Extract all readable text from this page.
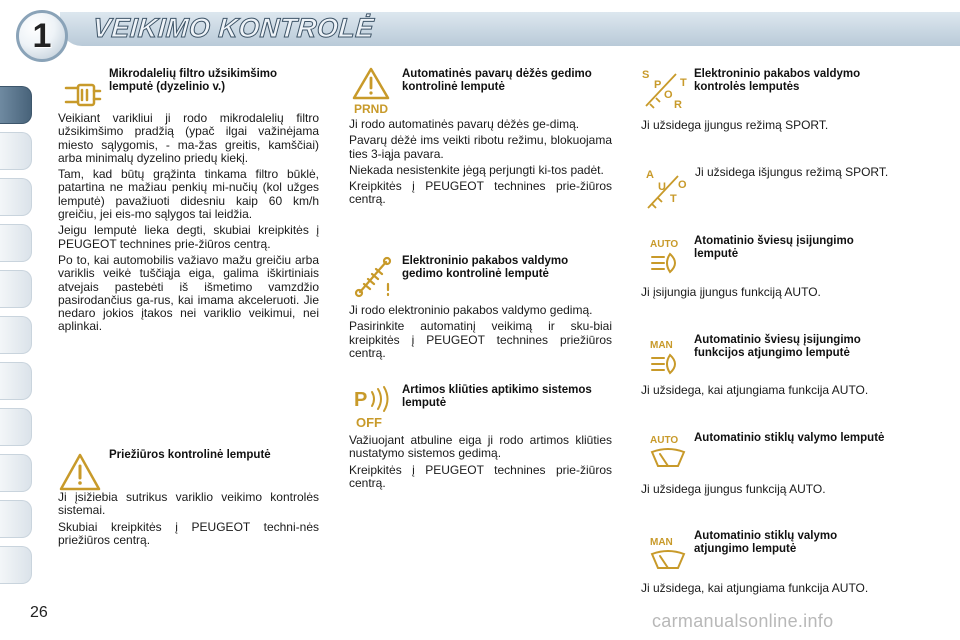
1 VEIKIMO KONTROLĖ
Mikrodalelių filtro užsikimšimo lemputė (dyzelinio v.)

Veikiant varikliui ji rodo mikrodalelių filtro užsikimšimo pradžią (ypač ilgai važinėjama miesto sąlygomis, - ma-žas greitis, kamščiai) arba minimalų dyzelino priedų kiekį.

Tam, kad būtų grąžinta tinkama filtro būklė, patartina ne mažiau penkių mi-nučių (kol užges lemputė) pavažiuoti didesniu kaip 60 km/h greičiu, jei eis-mo sąlygos tai leidžia.

Jeigu lemputė lieka degti, skubiai kreipkitės į PEUGEOT technines prie-žiūros centrą.

Po to, kai automobilis važiavo mažu greičiu arba variklis veikė tuščiąja eiga, galima iškirtiniais atvejais pastebėti iš išmetimo vamzdžio pasirodančius ga-rus, kai imama akceleruoti. Jie nedaro jokios įtakos nei variklio veikimui, nei aplinkai.

Priežiūros kontrolinė lemputė

Ji įsižiebia sutrikus variklio veikimo kontrolės sistemai.

Skubiai kreipkitės į PEUGEOT techni-nės priežiūros centrą.

PRND
Automatinės pavarų dėžės gedimo kontrolinė lemputė

Ji rodo automatinės pavarų dėžės ge-dimą.

Pavarų dėžė ims veikti ribotu režimu, blokuojama ties 3-iąja pavara.

Niekada nesistenkite jėgą perjungti ki-tos padėt.

Kreipkitės į PEUGEOT technines prie-žiūros centrą.

Elektroninio pakabos valdymo gedimo kontrolinė lemputė

Ji rodo elektroninio pakabos valdymo gedimą.

Pasirinkite automatinį veikimą ir sku-biai kreipkitės į PEUGEOT technines priežiūros centrą.

P
OFF
Artimos kliūties aptikimo sistemos lemputė

Važiuojant atbuline eiga ji rodo artimos kliūties nustatymo sistemos gedimą.

Kreipkitės į PEUGEOT technines prie-žiūros centrą.

S
P
O
R
T
Elektroninio pakabos valdymo kontrolės lemputės

Ji užsidega įjungus režimą SPORT.

A
U
T
O

Ji užsidega išjungus režimą SPORT.

AUTO Atomatinio šviesų įsijungimo lemputė

Ji įsijungia įjungus funkciją AUTO.

MAN Automatinio šviesų įsijungimo funkcijos atjungimo lemputė

Ji užsidega, kai atjungiama funkcija AUTO.

AUTO Automatinio stiklų valymo lemputė

Ji užsidega įjungus funkciją AUTO.

MAN
Automatinio stiklų valymo atjungimo lemputė

Ji užsidega, kai atjungiama funkcija AUTO.

26	carmanualsonline.info
